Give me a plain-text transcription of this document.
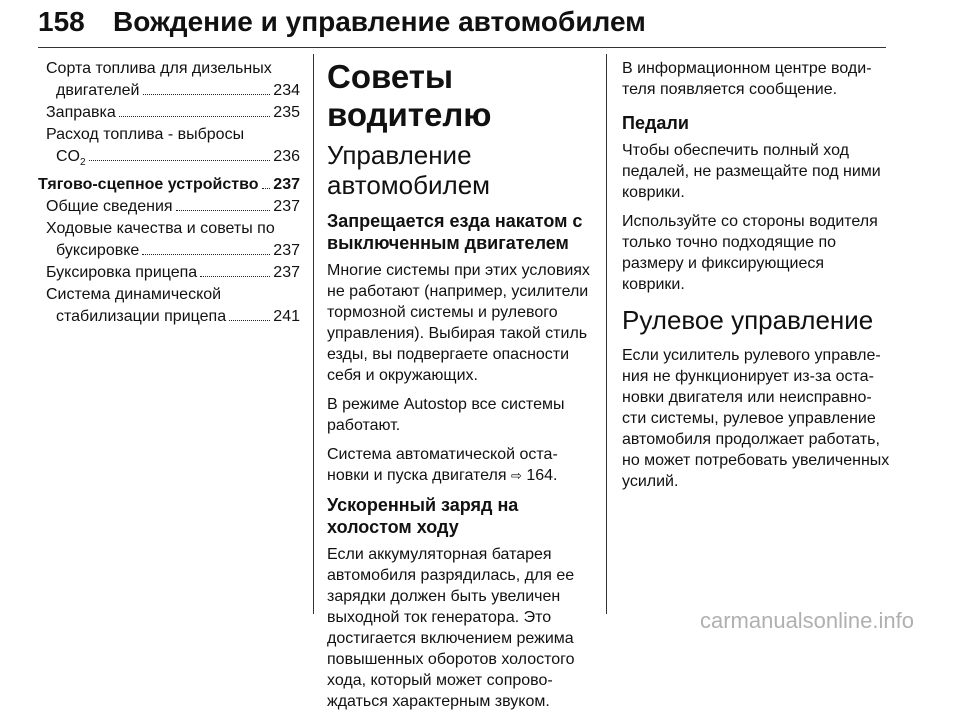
158 Вождение и управление автомобилем
Сорта топлива для дизельных
двигателей	234
Заправка	235
Расход топлива - выбросы
$CO_2$	236
Тягово-сцепное устройство 237
Общие сведения	237
Ходовые качества и советы по
буксировке	237
Буксировка прицепа	237
Система динамической
стабилизации прицепа	241
Советы водителю
Управление автомобилем
Запрещается езда накатом с выключенным двигателем

Многие системы при этих условиях не работают (например, усилители тормозной системы и рулевого управления). Выбирая такой стиль езды, вы подвергаете опасности себя и окружающих.

В режиме Autostop все системы работают.

Система автоматической остановки и пуска двигателя ⇨ 164.

Ускоренный заряд на холостом ходу

Если аккумуляторная батарея автомобиля разрядилась, для ее зарядки должен быть увеличен выходной ток генератора. Это достигается включением режима повышенных оборотов холостого хода, который может сопровождаться характерным звуком.

В информационном центре водителя появляется сообщение.

Педали

Чтобы обеспечить полный ход педалей, не размещайте под ними коврики.

Используйте со стороны водителя только точно подходящие по размеру и фиксирующиеся коврики.

Рулевое управление

Если усилитель рулевого управления не функционирует из-за остановки двигателя или неисправности системы, рулевое управление автомобиля продолжает работать, но может потребовать увеличенных усилий.

carmanualsonline.info
